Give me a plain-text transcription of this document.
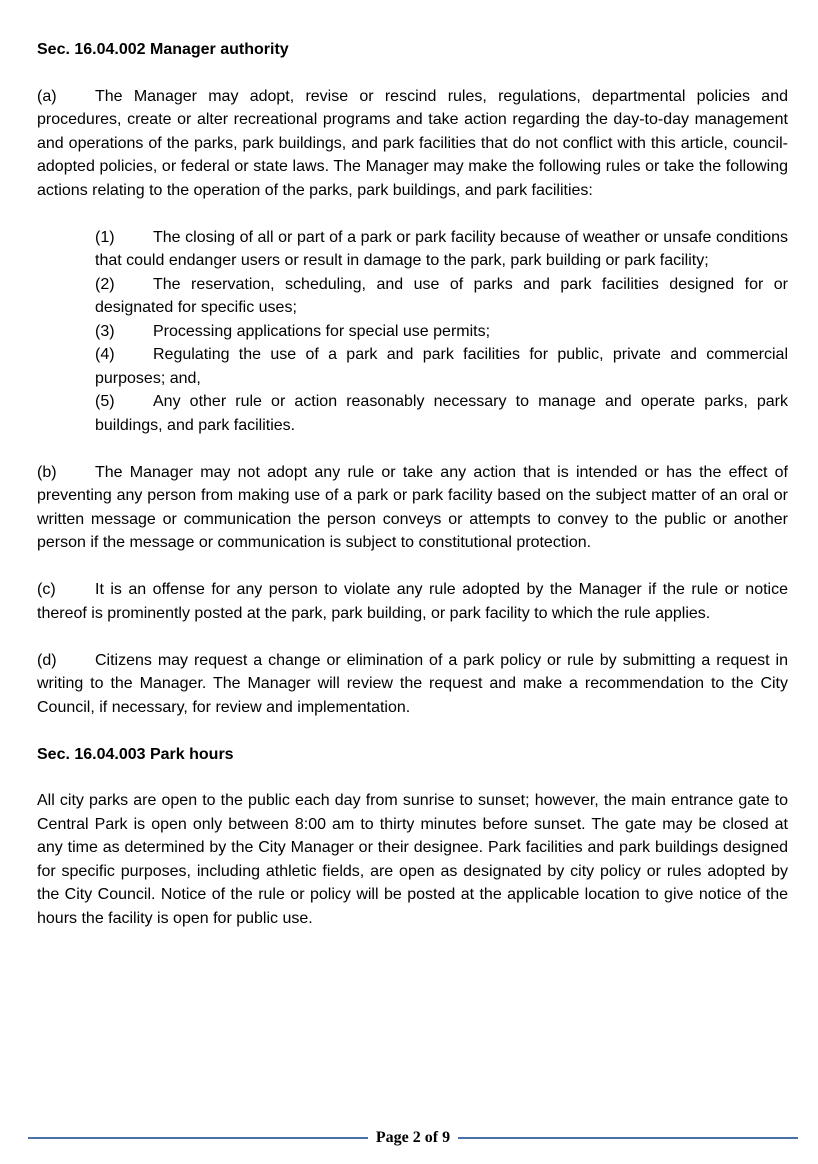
Sec. 16.04.002 Manager authority

(a) The Manager may adopt, revise or rescind rules, regulations, departmental policies and procedures, create or alter recreational programs and take action regarding the day-to-day management and operations of the parks, park buildings, and park facilities that do not conflict with this article, council-adopted policies, or federal or state laws. The Manager may make the following rules or take the following actions relating to the operation of the parks, park buildings, and park facilities:

(1) The closing of all or part of a park or park facility because of weather or unsafe conditions that could endanger users or result in damage to the park, park building or park facility;

(2) The reservation, scheduling, and use of parks and park facilities designed for or designated for specific uses;

(3) Processing applications for special use permits;

(4) Regulating the use of a park and park facilities for public, private and commercial purposes; and,

(5) Any other rule or action reasonably necessary to manage and operate parks, park buildings, and park facilities.

(b) The Manager may not adopt any rule or take any action that is intended or has the effect of preventing any person from making use of a park or park facility based on the subject matter of an oral or written message or communication the person conveys or attempts to convey to the public or another person if the message or communication is subject to constitutional protection.

(c) It is an offense for any person to violate any rule adopted by the Manager if the rule or notice thereof is prominently posted at the park, park building, or park facility to which the rule applies.

(d) Citizens may request a change or elimination of a park policy or rule by submitting a request in writing to the Manager. The Manager will review the request and make a recommendation to the City Council, if necessary, for review and implementation.

Sec. 16.04.003 Park hours

All city parks are open to the public each day from sunrise to sunset; however, the main entrance gate to Central Park is open only between 8:00 am to thirty minutes before sunset. The gate may be closed at any time as determined by the City Manager or their designee. Park facilities and park buildings designed for specific purposes, including athletic fields, are open as designated by city policy or rules adopted by the City Council. Notice of the rule or policy will be posted at the applicable location to give notice of the hours the facility is open for public use.

Page 2 of 9
